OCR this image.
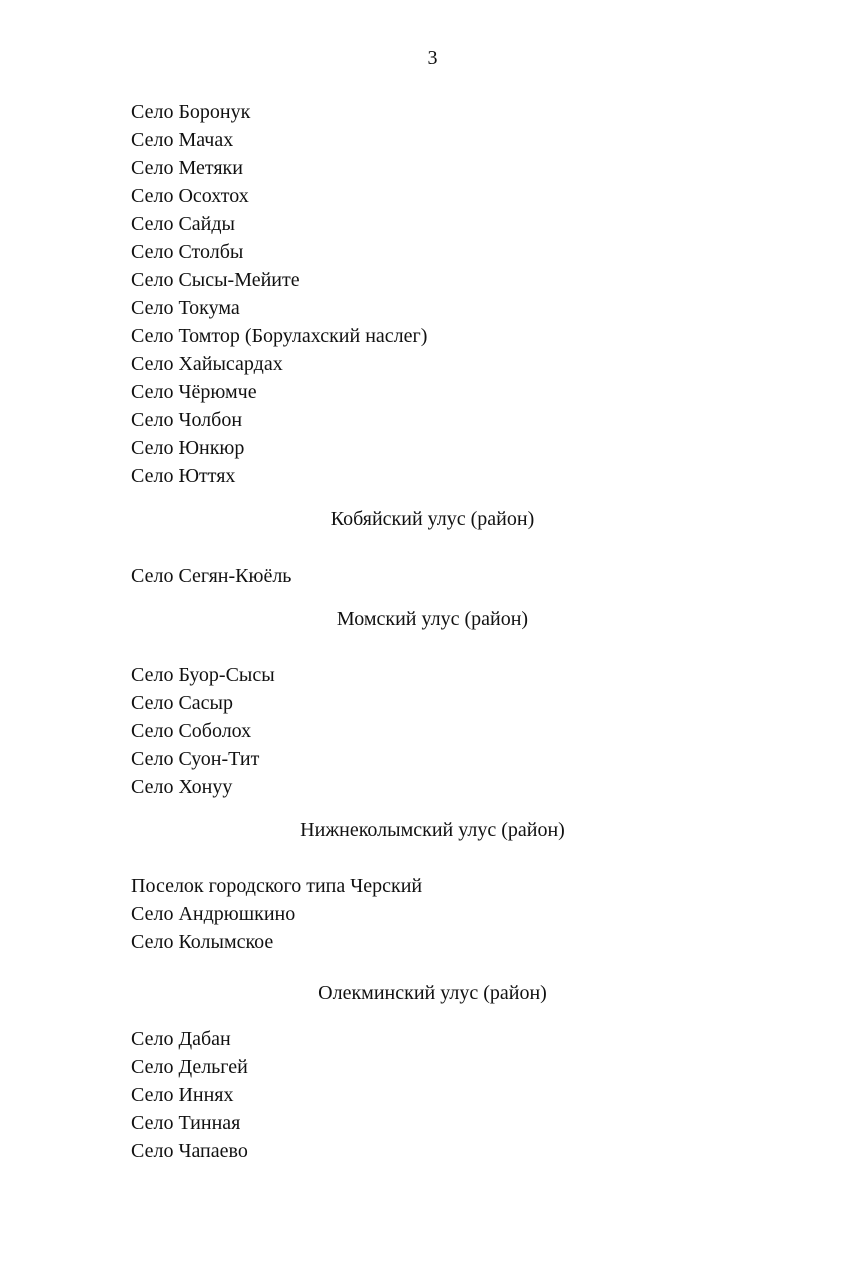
3
Село Боронук
Село Мачах
Село Метяки
Село Осохтох
Село Сайды
Село Столбы
Село Сысы-Мейите
Село Токума
Село Томтор (Борулахский наслег)
Село Хайысардах
Село Чёрюмче
Село Чолбон
Село Юнкюр
Село Юттях
Кобяйский улус (район)
Село Сегян-Кюёль
Момский улус (район)
Село Буор-Сысы
Село Сасыр
Село Соболох
Село Суон-Тит
Село Хонуу
Нижнеколымский улус (район)
Поселок городского типа Черский
Село Андрюшкино
Село Колымское
Олекминский улус (район)
Село Дабан
Село Дельгей
Село Иннях
Село Тинная
Село Чапаево
